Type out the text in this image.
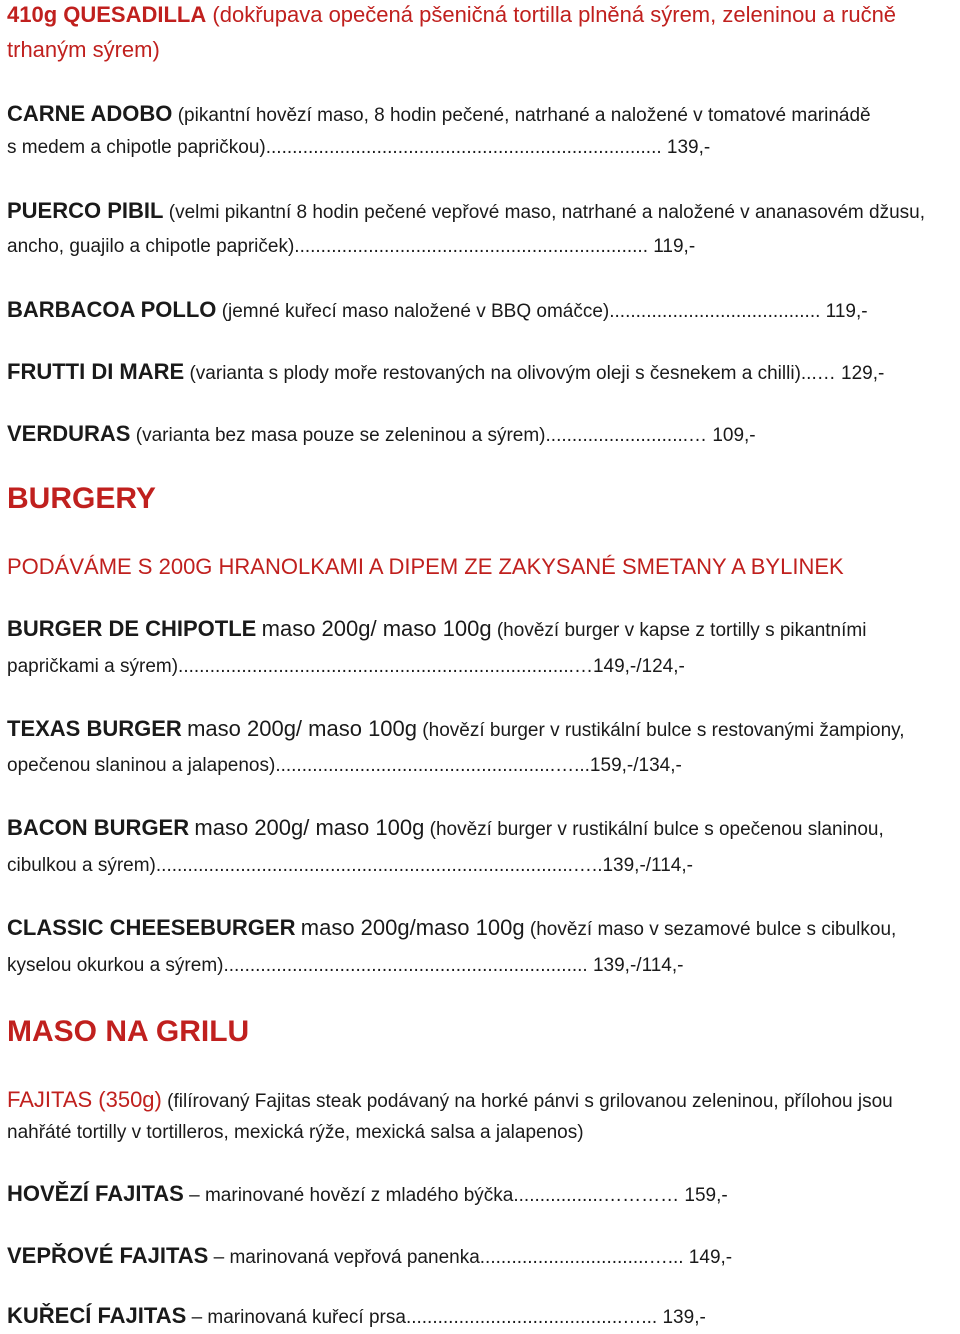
410g QUESADILLA (dokřupava opečená pšeničná tortilla plněná sýrem, zeleninou a ručně
trhaným sýrem)
CARNE ADOBO (pikantní hovězí maso, 8 hodin pečené, natrhané a naložené v tomatové marinádě
s medem a chipotle papričkou)........................................................................... 139,-
PUERCO PIBIL (velmi pikantní 8 hodin pečené vepřové maso, natrhané a naložené v ananasovém džusu,
ancho, guajilo a chipotle papriček)................................................................... 119,-
BARBACOA POLLO (jemné kuřecí maso naložené v BBQ omáčce)........................................ 119,-
FRUTTI DI MARE (varianta s plody moře restovaných na olivovým oleji s česnekem a chilli)...… 129,-
VERDURAS (varianta bez masa pouze se zeleninou a sýrem)...........................… 109,-
BURGERY
PODÁVÁME S 200G HRANOLKAMI A DIPEM ZE ZAKYSANÉ SMETANY A BYLINEK
BURGER DE CHIPOTLE maso 200g/ maso 100g (hovězí burger v kapse z tortilly s pikantními
papričkami a sýrem)...........................................................................…149,-/124,-
TEXAS BURGER maso 200g/ maso 100g (hovězí burger v rustikální bulce s restovanými žampiony,
opečenou slaninou a jalapenos).....................................................…...159,-/134,-
BACON BURGER maso 200g/ maso 100g (hovězí burger v rustikální bulce s opečenou slaninou,
cibulkou a sýrem)...............................................................................…..139,-/114,-
CLASSIC CHEESEBURGER maso 200g/maso 100g (hovězí maso v sezamové bulce s cibulkou,
kyselou okurkou a sýrem)..................................................................... 139,-/114,-
MASO NA GRILU
FAJITAS (350g) (filírovaný Fajitas steak podávaný na horké pánvi s grilovanou zeleninou, přílohou jsou
nahřáté tortilly v tortilleros, mexická rýže, mexická salsa a jalapenos)
HOVĚZÍ FAJITAS – marinované hovězí z mladého býčka.................………… 159,-
VEPŘOVÉ FAJITAS – marinovaná vepřová panenka................................…... 149,-
KUŘECÍ FAJITAS – marinovaná kuřecí prsa.........................................…... 139,-
